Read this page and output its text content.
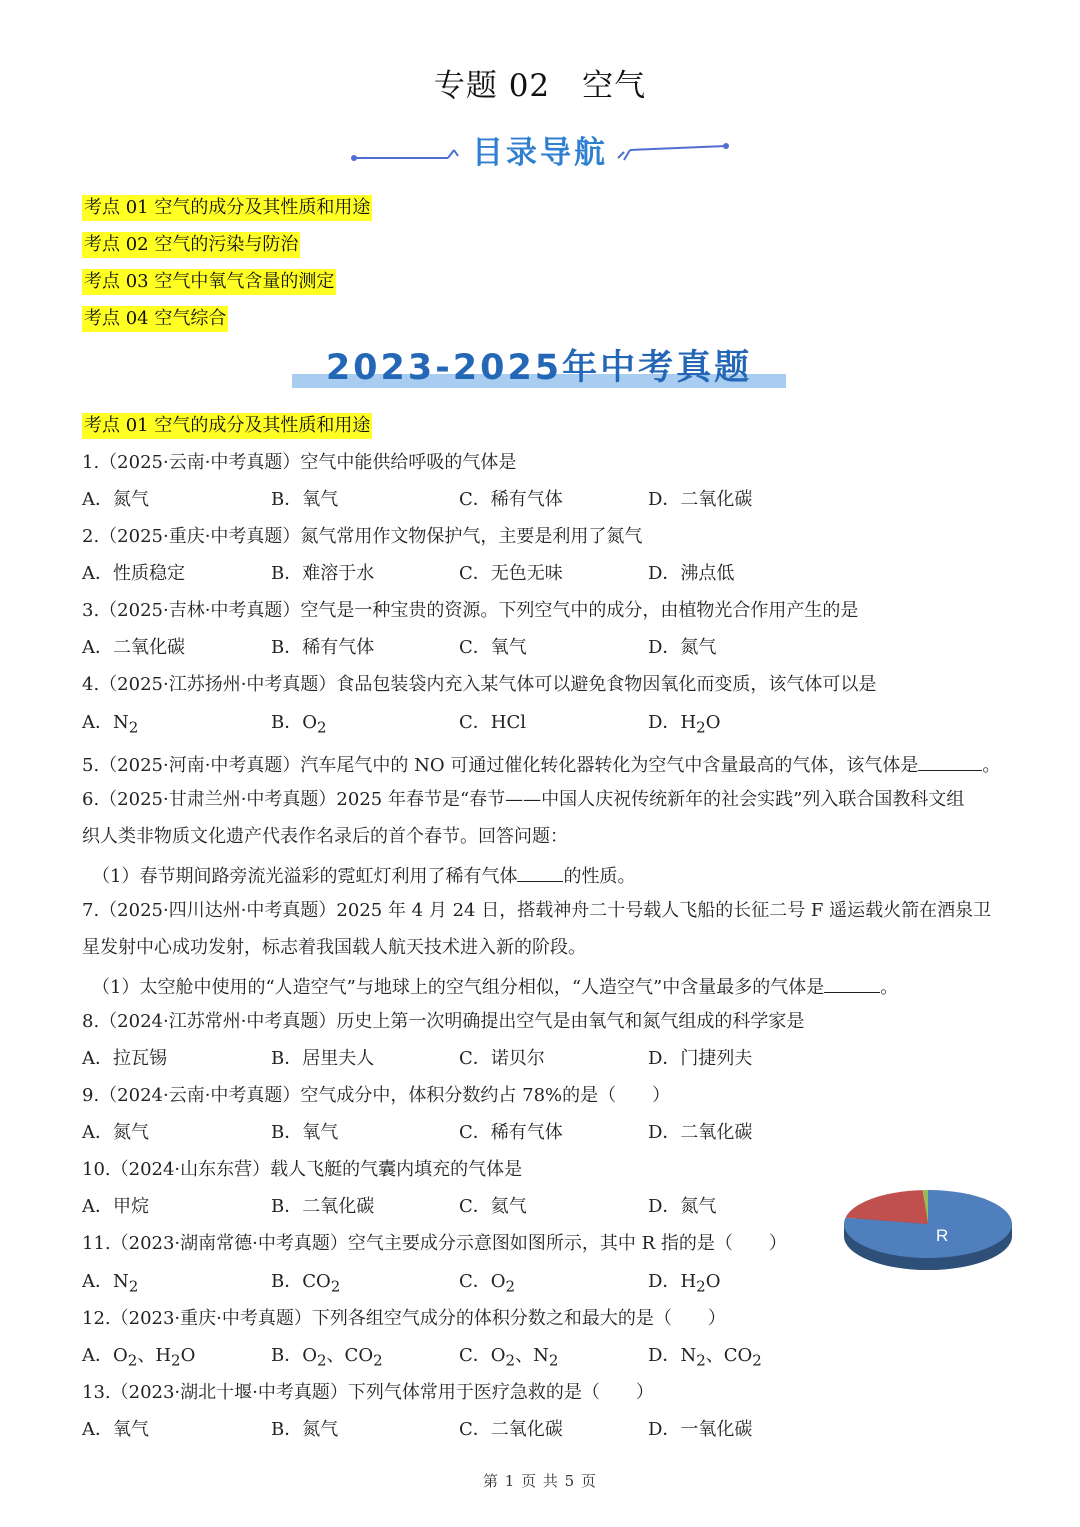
专题 02　空气
目录导航
考点 01 空气的成分及其性质和用途
考点 02 空气的污染与防治
考点 03 空气中氧气含量的测定
考点 04 空气综合
2023-2025年中考真题
考点 01 空气的成分及其性质和用途
1.（2025·云南·中考真题）空气中能供给呼吸的气体是
A．氮气	B．氧气	C．稀有气体	D．二氧化碳
2.（2025·重庆·中考真题）氮气常用作文物保护气，主要是利用了氮气
A．性质稳定	B．难溶于水	C．无色无味	D．沸点低
3.（2025·吉林·中考真题）空气是一种宝贵的资源。下列空气中的成分，由植物光合作用产生的是
A．二氧化碳	B．稀有气体	C．氧气	D．氮气
4.（2025·江苏扬州·中考真题）食品包装袋内充入某气体可以避免食物因氧化而变质，该气体可以是
A．$N_2$	B．$O_2$	C．HCl	D．$H_2O$
5.（2025·河南·中考真题）汽车尾气中的 NO 可通过催化转化器转化为空气中含量最高的气体，该气体是	。
6.（2025·甘肃兰州·中考真题）2025 年春节是“春节——中国人庆祝传统新年的社会实践”列入联合国教科文组
织人类非物质文化遗产代表作名录后的首个春节。回答问题：
（1）春节期间路旁流光溢彩的霓虹灯利用了稀有气体	的性质。
7.（2025·四川达州·中考真题）2025 年 4 月 24 日，搭载神舟二十号载人飞船的长征二号 F 遥运载火箭在酒泉卫
星发射中心成功发射，标志着我国载人航天技术进入新的阶段。
（1）太空舱中使用的“人造空气”与地球上的空气组分相似，“人造空气”中含量最多的气体是	。
8.（2024·江苏常州·中考真题）历史上第一次明确提出空气是由氧气和氮气组成的科学家是
A．拉瓦锡	B．居里夫人	C．诺贝尔	D．门捷列夫
9.（2024·云南·中考真题）空气成分中，体积分数约占 78%的是（　　）
A．氮气	B．氧气	C．稀有气体	D．二氧化碳
10.（2024·山东东营）载人飞艇的气囊内填充的气体是
A．甲烷	B．二氧化碳	C．氦气	D．氮气
R
11.（2023·湖南常德·中考真题）空气主要成分示意图如图所示，其中 R 指的是（　　）
A．$N_2$	B．$CO_2$	C．$O_2$	D．$H_2O$
12.（2023·重庆·中考真题）下列各组空气成分的体积分数之和最大的是（　　）
A．$O_2$、$H_2O$	B．$O_2$、$CO_2$	C．$O_2$、$N_2$	D．$N_2$、$CO_2$
13.（2023·湖北十堰·中考真题）下列气体常用于医疗急救的是（　　）
A．氧气	B．氮气	C．二氧化碳	D．一氧化碳
第 1 页 共 5 页
